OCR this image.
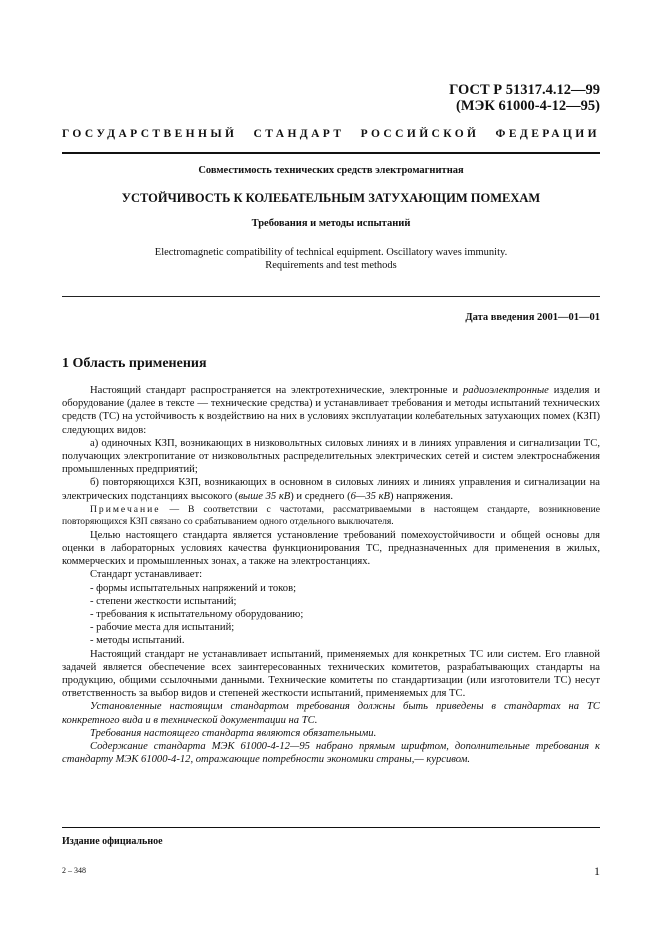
ГОСТ Р 51317.4.12—99
(МЭК 61000-4-12—95)
ГОСУДАРСТВЕННЫЙ СТАНДАРТ РОССИЙСКОЙ ФЕДЕРАЦИИ
Совместимость технических средств электромагнитная
УСТОЙЧИВОСТЬ К КОЛЕБАТЕЛЬНЫМ ЗАТУХАЮЩИМ ПОМЕХАМ
Требования и методы испытаний
Electromagnetic compatibility of technical equipment. Oscillatory waves immunity.
Requirements and test methods
Дата введения 2001—01—01
1 Область применения

Настоящий стандарт распространяется на электротехнические, электронные и радиоэлектронные изделия и оборудование (далее в тексте — технические средства) и устанавливает требования и методы испытаний технических средств (ТС) на устойчивость к воздействию на них в условиях эксплуатации колебательных затухающих помех (КЗП) следующих видов:

а) одиночных КЗП, возникающих в низковольтных силовых линиях и в линиях управления и сигнализации ТС, получающих электропитание от низковольтных распределительных электрических сетей и систем электроснабжения промышленных предприятий;

б) повторяющихся КЗП, возникающих в основном в силовых линиях и линиях управления и сигнализации на электрических подстанциях высокого (выше 35 кВ) и среднего (6—35 кВ) напряжения.

Примечание — В соответствии с частотами, рассматриваемыми в настоящем стандарте, возникновение повторяющихся КЗП связано со срабатыванием одного отдельного выключателя.

Целью настоящего стандарта является установление требований помехоустойчивости и общей основы для оценки в лабораторных условиях качества функционирования ТС, предназначенных для применения в жилых, коммерческих и промышленных зонах, а также на электростанциях.

Стандарт устанавливает:

- формы испытательных напряжений и токов;

- степени жесткости испытаний;

- требования к испытательному оборудованию;

- рабочие места для испытаний;

- методы испытаний.

Настоящий стандарт не устанавливает испытаний, применяемых для конкретных ТС или систем. Его главной задачей является обеспечение всех заинтересованных технических комитетов, разрабатывающих стандарты на продукцию, общими ссылочными данными. Технические комитеты по стандартизации (или изготовители ТС) несут ответственность за выбор видов и степеней жесткости испытаний, применяемых для ТС.

Установленные настоящим стандартом требования должны быть приведены в стандартах на ТС конкретного вида и в технической документации на ТС.

Требования настоящего стандарта являются обязательными.

Содержание стандарта МЭК 61000-4-12—95 набрано прямым шрифтом, дополнительные требования к стандарту МЭК 61000-4-12, отражающие потребности экономики страны,— курсивом.

Издание официальное
2 – 348	1
